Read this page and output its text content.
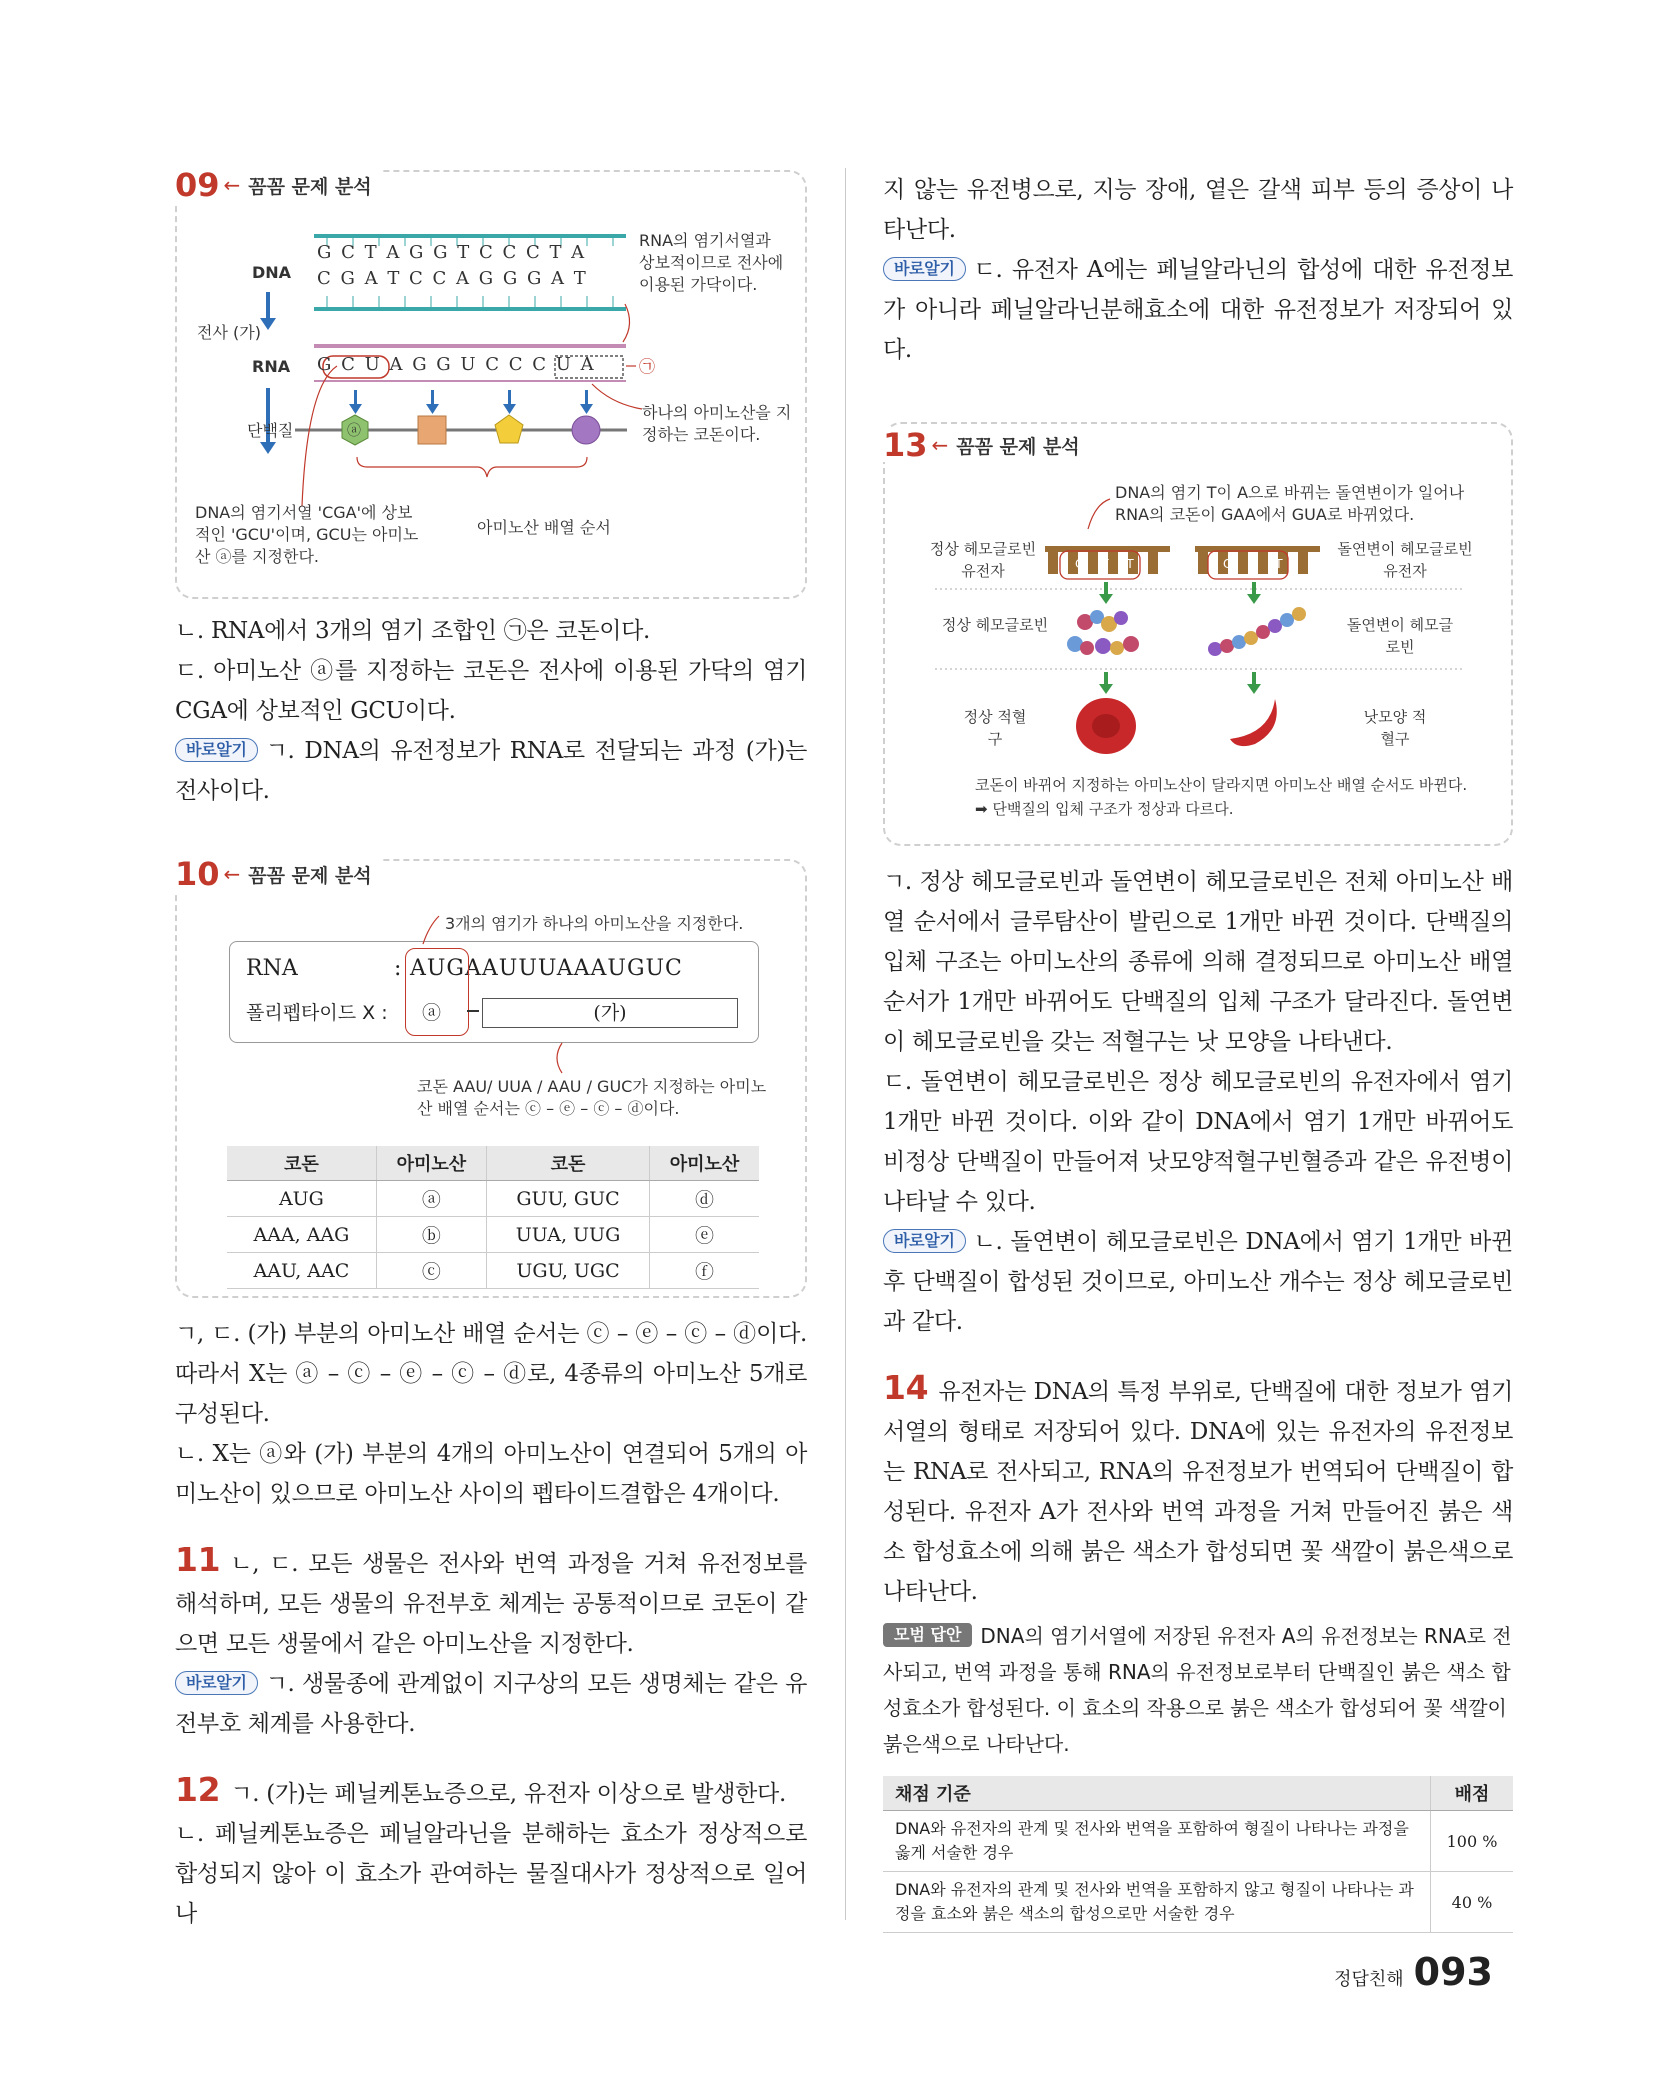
09 ← 꼼꼼 문제 분석
G C T A G G T C C C T A
C G A T C C A G G G A T
G C U A G G U C C C U A
DNA
전사 (가)
RNA
단백질	ⓐ
㉠
RNA의 염기서열과 상보적이므로 전사에 이용된 가닥이다.
하나의 아미노산을 지정하는 코돈이다.
DNA의 염기서열 'CGA'에 상보적인 'GCU'이며, GCU는 아미노산 ⓐ를 지정한다.
아미노산 배열 순서

ㄴ. RNA에서 3개의 염기 조합인 ㉠은 코돈이다.

ㄷ. 아미노산 ⓐ를 지정하는 코돈은 전사에 이용된 가닥의 염기 CGA에 상보적인 GCU이다.

바로알기 ㄱ. DNA의 유전정보가 RNA로 전달되는 과정 (가)는 전사이다.

10 ← 꼼꼼 문제 분석
3개의 염기가 하나의 아미노산을 지정한다.
RNA	: AUGAAUUUAAAUGUC
폴리펩타이드 X : ⓐ	(가)
코돈 AAU/ UUA / AAU / GUC가 지정하는 아미노산 배열 순서는 ⓒ – ⓔ – ⓒ – ⓓ이다.
코돈	아미노산	코돈	아미노산
AUG	ⓐ	GUU, GUC	ⓓ
AAA, AAG	ⓑ	UUA, UUG	ⓔ
AAU, AAC	ⓒ	UGU, UGC	ⓕ

ㄱ, ㄷ. (가) 부분의 아미노산 배열 순서는 ⓒ – ⓔ – ⓒ – ⓓ이다. 따라서 X는 ⓐ – ⓒ – ⓔ – ⓒ – ⓓ로, 4종류의 아미노산 5개로 구성된다.

ㄴ. X는 ⓐ와 (가) 부분의 4개의 아미노산이 연결되어 5개의 아미노산이 있으므로 아미노산 사이의 펩타이드결합은 4개이다.

11 ㄴ, ㄷ. 모든 생물은 전사와 번역 과정을 거쳐 유전정보를 해석하며, 모든 생물의 유전부호 체계는 공통적이므로 코돈이 같으면 모든 생물에서 같은 아미노산을 지정한다.

바로알기 ㄱ. 생물종에 관계없이 지구상의 모든 생명체는 같은 유전부호 체계를 사용한다.

12 ㄱ. (가)는 페닐케톤뇨증으로, 유전자 이상으로 발생한다.

ㄴ. 페닐케톤뇨증은 페닐알라닌을 분해하는 효소가 정상적으로 합성되지 않아 이 효소가 관여하는 물질대사가 정상적으로 일어나

지 않는 유전병으로, 지능 장애, 옅은 갈색 피부 등의 증상이 나타난다.

바로알기 ㄷ. 유전자 A에는 페닐알라닌의 합성에 대한 유전정보가 아니라 페닐알라닌분해효소에 대한 유전정보가 저장되어 있다.

13 ← 꼼꼼 문제 분석
DNA의 염기 T이 A으로 바뀌는 돌연변이가 일어나 RNA의 코돈이 GAA에서 GUA로 바뀌었다.
C T T	C A T
정상 헤모글로빈 유전자
돌연변이 헤모글로빈 유전자
정상 헤모글로빈	돌연변이 헤모글로빈
정상 적혈구
낫모양 적혈구
코돈이 바뀌어 지정하는 아미노산이 달라지면 아미노산 배열 순서도 바뀐다.
➡ 단백질의 입체 구조가 정상과 다르다.

ㄱ. 정상 헤모글로빈과 돌연변이 헤모글로빈은 전체 아미노산 배열 순서에서 글루탐산이 발린으로 1개만 바뀐 것이다. 단백질의 입체 구조는 아미노산의 종류에 의해 결정되므로 아미노산 배열 순서가 1개만 바뀌어도 단백질의 입체 구조가 달라진다. 돌연변이 헤모글로빈을 갖는 적혈구는 낫 모양을 나타낸다.

ㄷ. 돌연변이 헤모글로빈은 정상 헤모글로빈의 유전자에서 염기 1개만 바뀐 것이다. 이와 같이 DNA에서 염기 1개만 바뀌어도 비정상 단백질이 만들어져 낫모양적혈구빈혈증과 같은 유전병이 나타날 수 있다.

바로알기 ㄴ. 돌연변이 헤모글로빈은 DNA에서 염기 1개만 바뀐 후 단백질이 합성된 것이므로, 아미노산 개수는 정상 헤모글로빈과 같다.

14 유전자는 DNA의 특정 부위로, 단백질에 대한 정보가 염기서열의 형태로 저장되어 있다. DNA에 있는 유전자의 유전정보는 RNA로 전사되고, RNA의 유전정보가 번역되어 단백질이 합성된다. 유전자 A가 전사와 번역 과정을 거쳐 만들어진 붉은 색소 합성효소에 의해 붉은 색소가 합성되면 꽃 색깔이 붉은색으로 나타난다.

모범 답안 DNA의 염기서열에 저장된 유전자 A의 유전정보는 RNA로 전사되고, 번역 과정을 통해 RNA의 유전정보로부터 단백질인 붉은 색소 합성효소가 합성된다. 이 효소의 작용으로 붉은 색소가 합성되어 꽃 색깔이 붉은색으로 나타난다.

채점 기준	배점
DNA와 유전자의 관계 및 전사와 번역을 포함하여 형질이 나타나는 과정을 옳게 서술한 경우	100 %
DNA와 유전자의 관계 및 전사와 번역을 포함하지 않고 형질이 나타나는 과정을 효소와 붉은 색소의 합성으로만 서술한 경우	40 %
정답친해 093
